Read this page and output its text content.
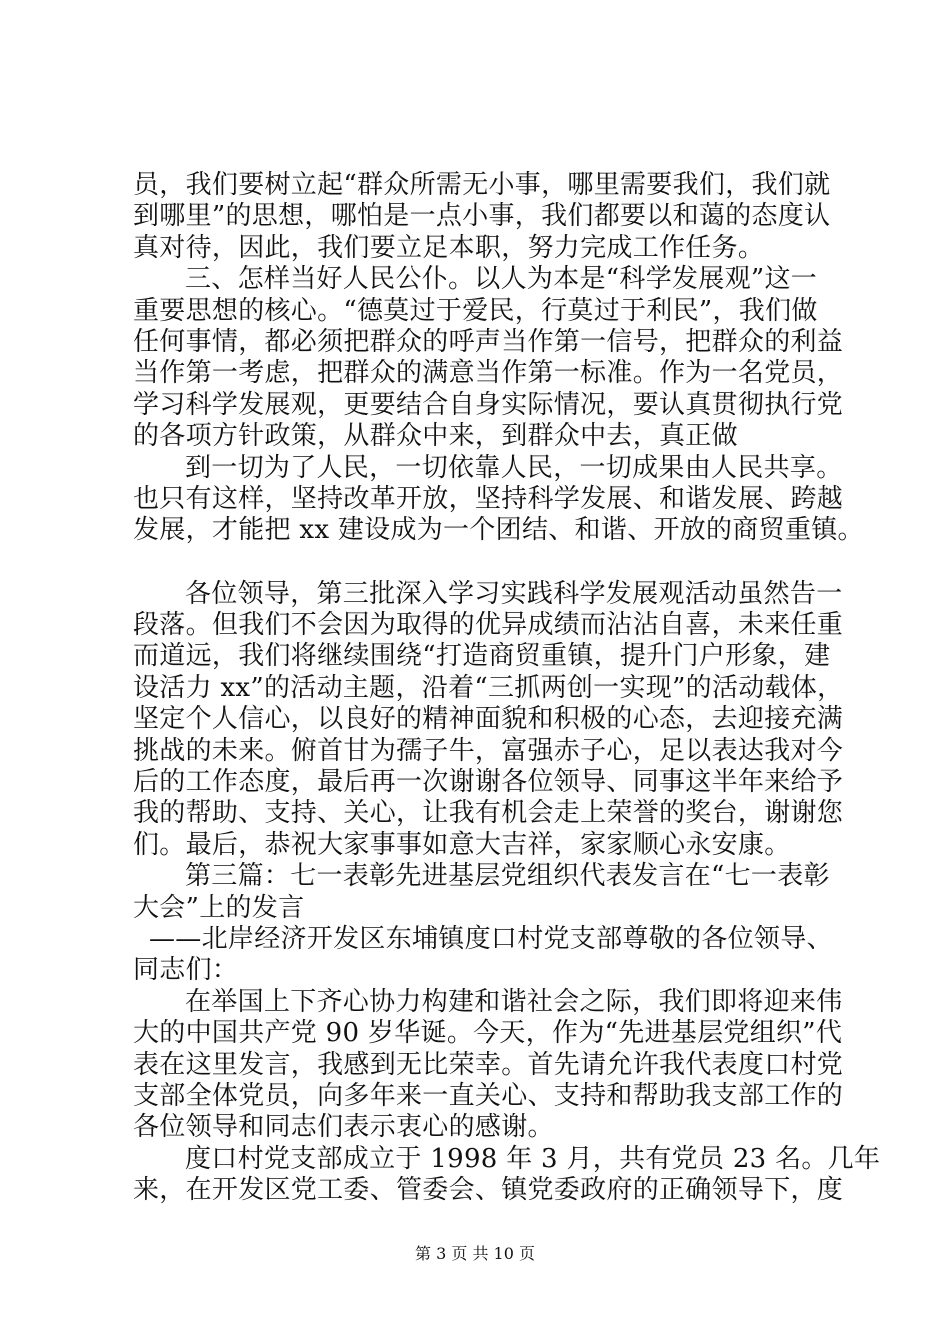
员，我们要树立起“群众所需无小事，哪里需要我们，我们就
到哪里”的思想，哪怕是一点小事，我们都要以和蔼的态度认
真对待，因此，我们要立足本职，努力完成工作任务。
三、怎样当好人民公仆。以人为本是“科学发展观”这一
重要思想的核心。“德莫过于爱民，行莫过于利民”，我们做
任何事情，都必须把群众的呼声当作第一信号，把群众的利益
当作第一考虑，把群众的满意当作第一标准。作为一名党员，
学习科学发展观，更要结合自身实际情况，要认真贯彻执行党
的各项方针政策，从群众中来，到群众中去，真正做
到一切为了人民，一切依靠人民，一切成果由人民共享。
也只有这样，坚持改革开放，坚持科学发展、和谐发展、跨越
发展，才能把 xx 建设成为一个团结、和谐、开放的商贸重镇。
各位领导，第三批深入学习实践科学发展观活动虽然告一
段落。但我们不会因为取得的优异成绩而沾沾自喜，未来任重
而道远，我们将继续围绕“打造商贸重镇，提升门户形象，建
设活力 xx”的活动主题，沿着“三抓两创一实现”的活动载体，
坚定个人信心，以良好的精神面貌和积极的心态，去迎接充满
挑战的未来。俯首甘为孺子牛，富强赤子心，足以表达我对今
后的工作态度，最后再一次谢谢各位领导、同事这半年来给予
我的帮助、支持、关心，让我有机会走上荣誉的奖台，谢谢您
们。最后，恭祝大家事事如意大吉祥，家家顺心永安康。
第三篇：七一表彰先进基层党组织代表发言在“七一表彰
大会”上的发言
——北岸经济开发区东埔镇度口村党支部尊敬的各位领导、
同志们：
在举国上下齐心协力构建和谐社会之际，我们即将迎来伟
大的中国共产党 90 岁华诞。今天，作为“先进基层党组织”代
表在这里发言，我感到无比荣幸。首先请允许我代表度口村党
支部全体党员，向多年来一直关心、支持和帮助我支部工作的
各位领导和同志们表示衷心的感谢。
度口村党支部成立于 1998 年 3 月，共有党员 23 名。几年
来，在开发区党工委、管委会、镇党委政府的正确领导下，度
第 3 页 共 10 页
